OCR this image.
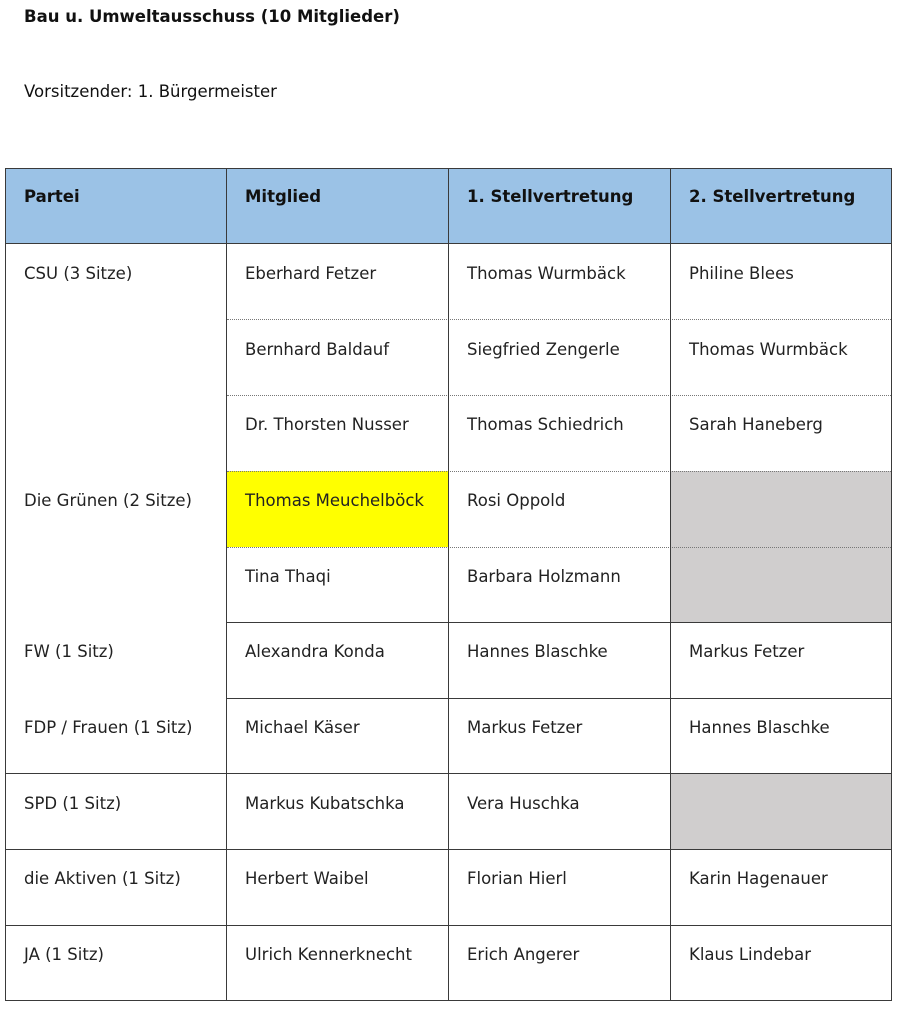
Bau u. Umweltausschuss (10 Mitglieder)
Vorsitzender: 1. Bürgermeister
Partei	Mitglied	1. Stellvertretung	2. Stellvertretung
CSU (3 Sitze)	Eberhard Fetzer	Thomas Wurmbäck	Philine Blees
Bernhard Baldauf	Siegfried Zengerle	Thomas Wurmbäck
Dr. Thorsten Nusser	Thomas Schiedrich	Sarah Haneberg
Die Grünen (2 Sitze)	Thomas Meuchelböck	Rosi Oppold
Tina Thaqi	Barbara Holzmann
FW (1 Sitz)	Alexandra Konda	Hannes Blaschke	Markus Fetzer
FDP / Frauen (1 Sitz)	Michael Käser	Markus Fetzer	Hannes Blaschke
SPD (1 Sitz)	Markus Kubatschka	Vera Huschka
die Aktiven (1 Sitz)	Herbert Waibel	Florian Hierl	Karin Hagenauer
JA (1 Sitz)	Ulrich Kennerknecht	Erich Angerer	Klaus Lindebar
